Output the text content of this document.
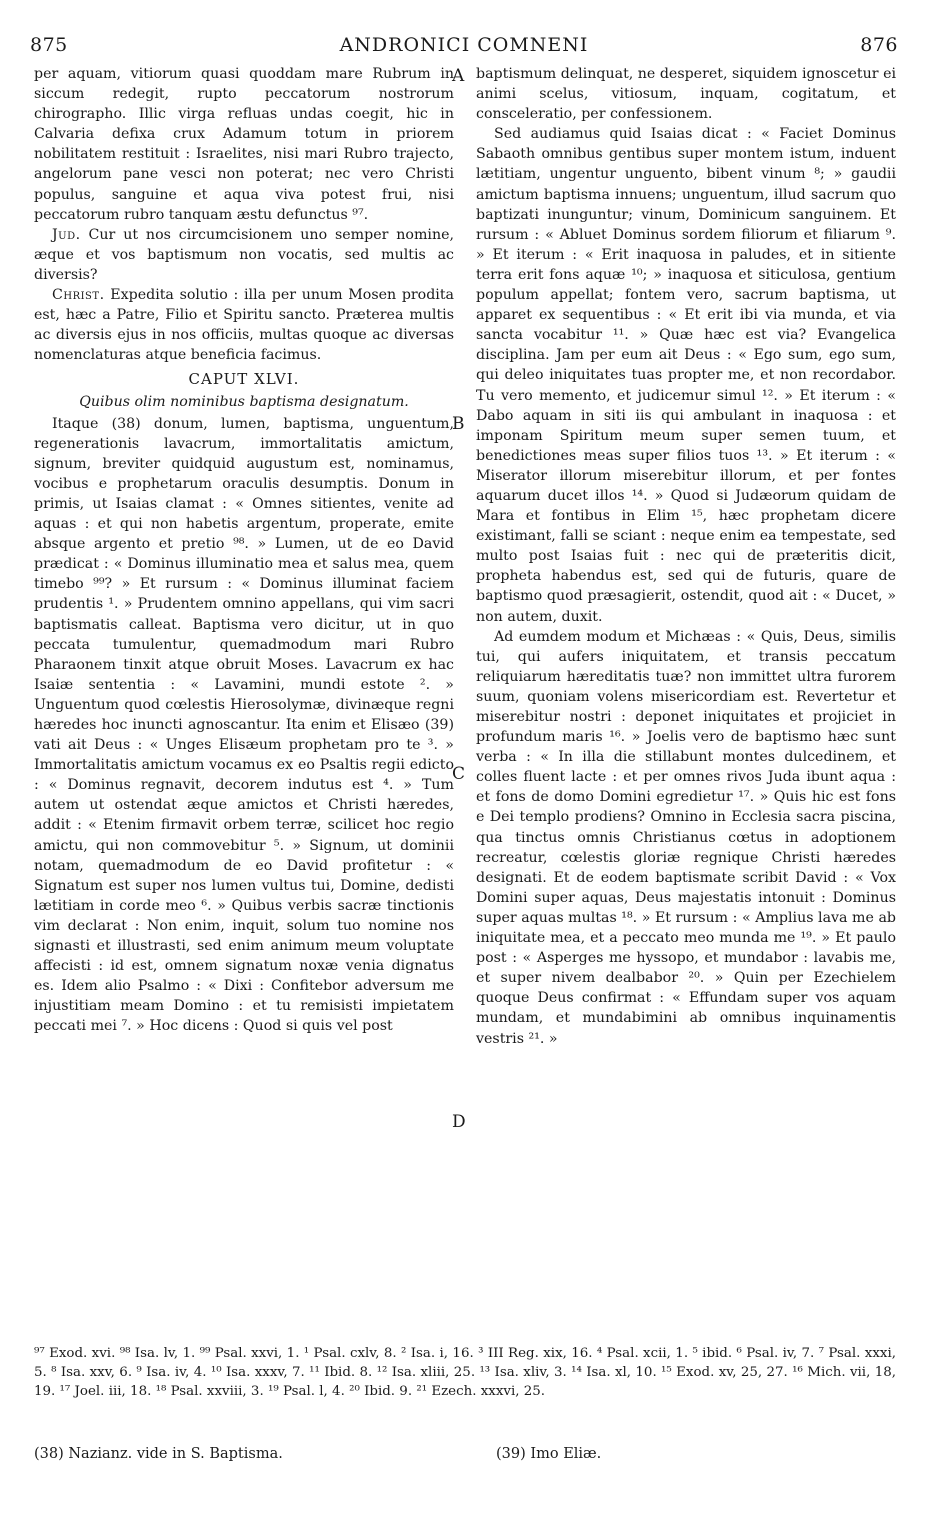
875	ANDRONICI COMNENI	876

per aquam, vitiorum quasi quoddam mare Rubrum in siccum redegit, rupto peccatorum nostrorum chirographo. Illic virga refluas undas coegit, hic in Calvaria defixa crux Adamum totum in priorem nobilitatem restituit : Israelites, nisi mari Rubro trajecto, angelorum pane vesci non poterat; nec vero Christi populus, sanguine et aqua viva potest frui, nisi peccatorum rubro tanquam æstu defunctus ⁹⁷.

Jud. Cur ut nos circumcisionem uno semper nomine, æque et vos baptismum non vocatis, sed multis ac diversis?

Christ. Expedita solutio : illa per unum Mosen prodita est, hæc a Patre, Filio et Spiritu sancto. Præterea multis ac diversis ejus in nos officiis, multas quoque ac diversas nomenclaturas atque beneficia facimus.

CAPUT XLVI.
Quibus olim nominibus baptisma designatum.

Itaque (38) donum, lumen, baptisma, unguentum, regenerationis lavacrum, immortalitatis amictum, signum, breviter quidquid augustum est, nominamus, vocibus e prophetarum oraculis desumptis. Donum in primis, ut Isaias clamat : « Omnes sitientes, venite ad aquas : et qui non habetis argentum, properate, emite absque argento et pretio ⁹⁸. » Lumen, ut de eo David prædicat : « Dominus illuminatio mea et salus mea, quem timebo ⁹⁹? » Et rursum : « Dominus illuminat faciem prudentis ¹. » Prudentem omnino appellans, qui vim sacri baptismatis calleat. Baptisma vero dicitur, ut in quo peccata tumulentur, quemadmodum mari Rubro Pharaonem tinxit atque obruit Moses. Lavacrum ex hac Isaiæ sententia : « Lavamini, mundi estote ². » Unguentum quod cœlestis Hierosolymæ, divinæque regni hæredes hoc inuncti agnoscantur. Ita enim et Elisæo (39) vati ait Deus : « Unges Elisæum prophetam pro te ³. » Immortalitatis amictum vocamus ex eo Psaltis regii edicto : « Dominus regnavit, decorem indutus est ⁴. » Tum autem ut ostendat æque amictos et Christi hæredes, addit : « Etenim firmavit orbem terræ, scilicet hoc regio amictu, qui non commovebitur ⁵. » Signum, ut dominii notam, quemadmodum de eo David profitetur : « Signatum est super nos lumen vultus tui, Domine, dedisti lætitiam in corde meo ⁶. » Quibus verbis sacræ tinctionis vim declarat : Non enim, inquit, solum tuo nomine nos signasti et illustrasti, sed enim animum meum voluptate affecisti : id est, omnem signatum noxæ venia dignatus es. Idem alio Psalmo : « Dixi : Confitebor adversum me injustitiam meam Domino : et tu remisisti impietatem peccati mei ⁷. » Hoc dicens : Quod si quis vel post

A
B
C
D

baptismum delinquat, ne desperet, siquidem ignoscetur ei animi scelus, vitiosum, inquam, cogitatum, et consceleratio, per confessionem.

Sed audiamus quid Isaias dicat : « Faciet Dominus Sabaoth omnibus gentibus super montem istum, induent lætitiam, ungentur unguento, bibent vinum ⁸; » gaudii amictum baptisma innuens; unguentum, illud sacrum quo baptizati inunguntur; vinum, Dominicum sanguinem. Et rursum : « Abluet Dominus sordem filiorum et filiarum ⁹. » Et iterum : « Erit inaquosa in paludes, et in sitiente terra erit fons aquæ ¹⁰; » inaquosa et siticulosa, gentium populum appellat; fontem vero, sacrum baptisma, ut apparet ex sequentibus : « Et erit ibi via munda, et via sancta vocabitur ¹¹. » Quæ hæc est via? Evangelica disciplina. Jam per eum ait Deus : « Ego sum, ego sum, qui deleo iniquitates tuas propter me, et non recordabor. Tu vero memento, et judicemur simul ¹². » Et iterum : « Dabo aquam in siti iis qui ambulant in inaquosa : et imponam Spiritum meum super semen tuum, et benedictiones meas super filios tuos ¹³. » Et iterum : « Miserator illorum miserebitur illorum, et per fontes aquarum ducet illos ¹⁴. » Quod si Judæorum quidam de Mara et fontibus in Elim ¹⁵, hæc prophetam dicere existimant, falli se sciant : neque enim ea tempestate, sed multo post Isaias fuit : nec qui de præteritis dicit, propheta habendus est, sed qui de futuris, quare de baptismo quod præsagierit, ostendit, quod ait : « Ducet, » non autem, duxit.

Ad eumdem modum et Michæas : « Quis, Deus, similis tui, qui aufers iniquitatem, et transis peccatum reliquiarum hæreditatis tuæ? non immittet ultra furorem suum, quoniam volens misericordiam est. Revertetur et miserebitur nostri : deponet iniquitates et projiciet in profundum maris ¹⁶. » Joelis vero de baptismo hæc sunt verba : « In illa die stillabunt montes dulcedinem, et colles fluent lacte : et per omnes rivos Juda ibunt aqua : et fons de domo Domini egredietur ¹⁷. » Quis hic est fons e Dei templo prodiens? Omnino in Ecclesia sacra piscina, qua tinctus omnis Christianus cœtus in adoptionem recreatur, cœlestis gloriæ regnique Christi hæredes designati. Et de eodem baptismate scribit David : « Vox Domini super aquas, Deus majestatis intonuit : Dominus super aquas multas ¹⁸. » Et rursum : « Amplius lava me ab iniquitate mea, et a peccato meo munda me ¹⁹. » Et paulo post : « Asperges me hyssopo, et mundabor : lavabis me, et super nivem dealbabor ²⁰. » Quin per Ezechielem quoque Deus confirmat : « Effundam super vos aquam mundam, et mundabimini ab omnibus inquinamentis vestris ²¹. »

⁹⁷ Exod. xvi. ⁹⁸ Isa. lv, 1. ⁹⁹ Psal. xxvi, 1. ¹ Psal. cxlv, 8. ² Isa. i, 16. ³ III Reg. xix, 16. ⁴ Psal. xcii, 1. ⁵ ibid. ⁶ Psal. iv, 7. ⁷ Psal. xxxi, 5. ⁸ Isa. xxv, 6. ⁹ Isa. iv, 4. ¹⁰ Isa. xxxv, 7. ¹¹ Ibid. 8. ¹² Isa. xliii, 25. ¹³ Isa. xliv, 3. ¹⁴ Isa. xl, 10. ¹⁵ Exod. xv, 25, 27. ¹⁶ Mich. vii, 18, 19. ¹⁷ Joel. iii, 18. ¹⁸ Psal. xxviii, 3. ¹⁹ Psal. l, 4. ²⁰ Ibid. 9. ²¹ Ezech. xxxvi, 25.

(38) Nazianz. vide in S. Baptisma.	(39) Imo Eliæ.
